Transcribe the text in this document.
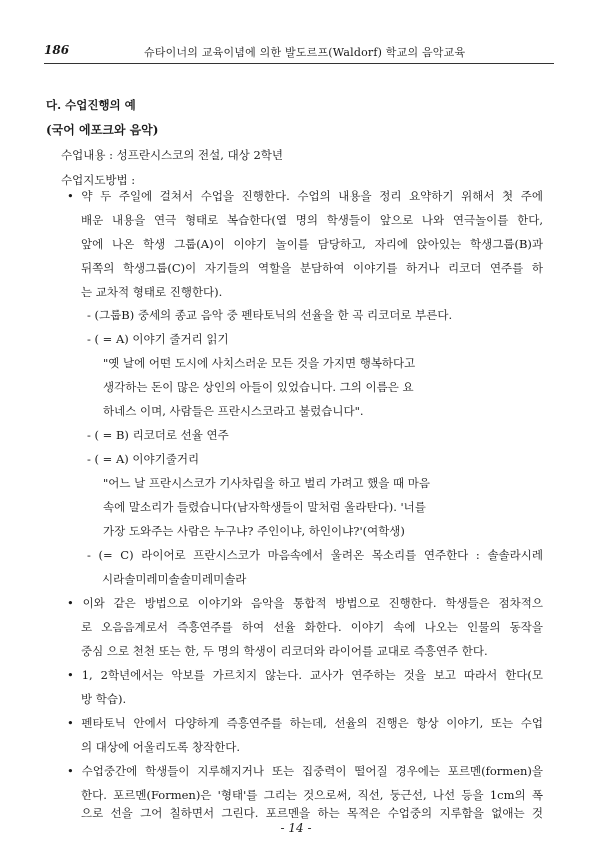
186	슈타이너의 교육이념에 의한 발도르프(Waldorf) 학교의 음악교육
다. 수업진행의 예
(국어 에포크와 음악)
수업내용 : 성프란시스코의 전설, 대상 2학년
수업지도방법 :
• 약 두 주일에 걸쳐서 수업을 진행한다. 수업의 내용을 정리 요약하기 위해서 첫 주에
배운 내용을 연극 형태로 복습한다(열 명의 학생들이 앞으로 나와 연극놀이를 한다,
앞에 나온 학생 그룹(A)이 이야기 놀이를 담당하고, 자리에 앉아있는 학생그룹(B)과
뒤쪽의 학생그룹(C)이 자기들의 역할을 분담하여 이야기를 하거나 리코더 연주를 하
는 교차적 형태로 진행한다).
- (그룹B) 중세의 종교 음악 중 펜타토닉의 선율을 한 곡 리코더로 부른다.
- ( = A) 이야기 줄거리 읽기
"옛 날에 어떤 도시에 사치스러운 모든 것을 가지면 행복하다고
생각하는 돈이 많은 상인의 아들이 있었습니다. 그의 이름은 요
하네스 이며, 사람들은 프란시스코라고 불렀습니다".
- ( = B) 리코더로 선율 연주
- ( = A) 이야기줄거리
"어느 날 프란시스코가 기사차림을 하고 벌리 가려고 했을 때 마음
속에 말소리가 들렸습니다(남자학생들이 말처럼 울라탄다). '너를
가장 도와주는 사람은 누구냐? 주인이냐, 하인이냐?'(여학생)
- (= C) 라이어로 프란시스코가 마음속에서 울려온 목소리를 연주한다 : 솔솔라시레
시라솔미레미솔솔미레미솔라
• 이와 같은 방법으로 이야기와 음악을 통합적 방법으로 진행한다. 학생들은 점차적으
로 오음음계로서 즉흥연주를 하여 선율 화한다. 이야기 속에 나오는 인물의 동작을
중심 으로 천천 또는 한, 두 명의 학생이 리코더와 라이어를 교대로 즉흥연주 한다.
• 1, 2학년에서는 악보를 가르치지 않는다. 교사가 연주하는 것을 보고 따라서 한다(모
방 학습).
• 펜타토닉 안에서 다양하게 즉흥연주를 하는데, 선율의 진행은 항상 이야기, 또는 수업
의 대상에 어울리도록 창작한다.
• 수업중간에 학생들이 지루해지거나 또는 집중력이 떨어질 경우에는 포르멘(formen)을
한다. 포르멘(Formen)은 '형태'를 그리는 것으로써, 직선, 둥근선, 나선 등을 1cm의 폭
으로 선을 그어 칠하면서 그린다. 포르멘을 하는 목적은 수업중의 지루함을 없애는 것
- 14 -
